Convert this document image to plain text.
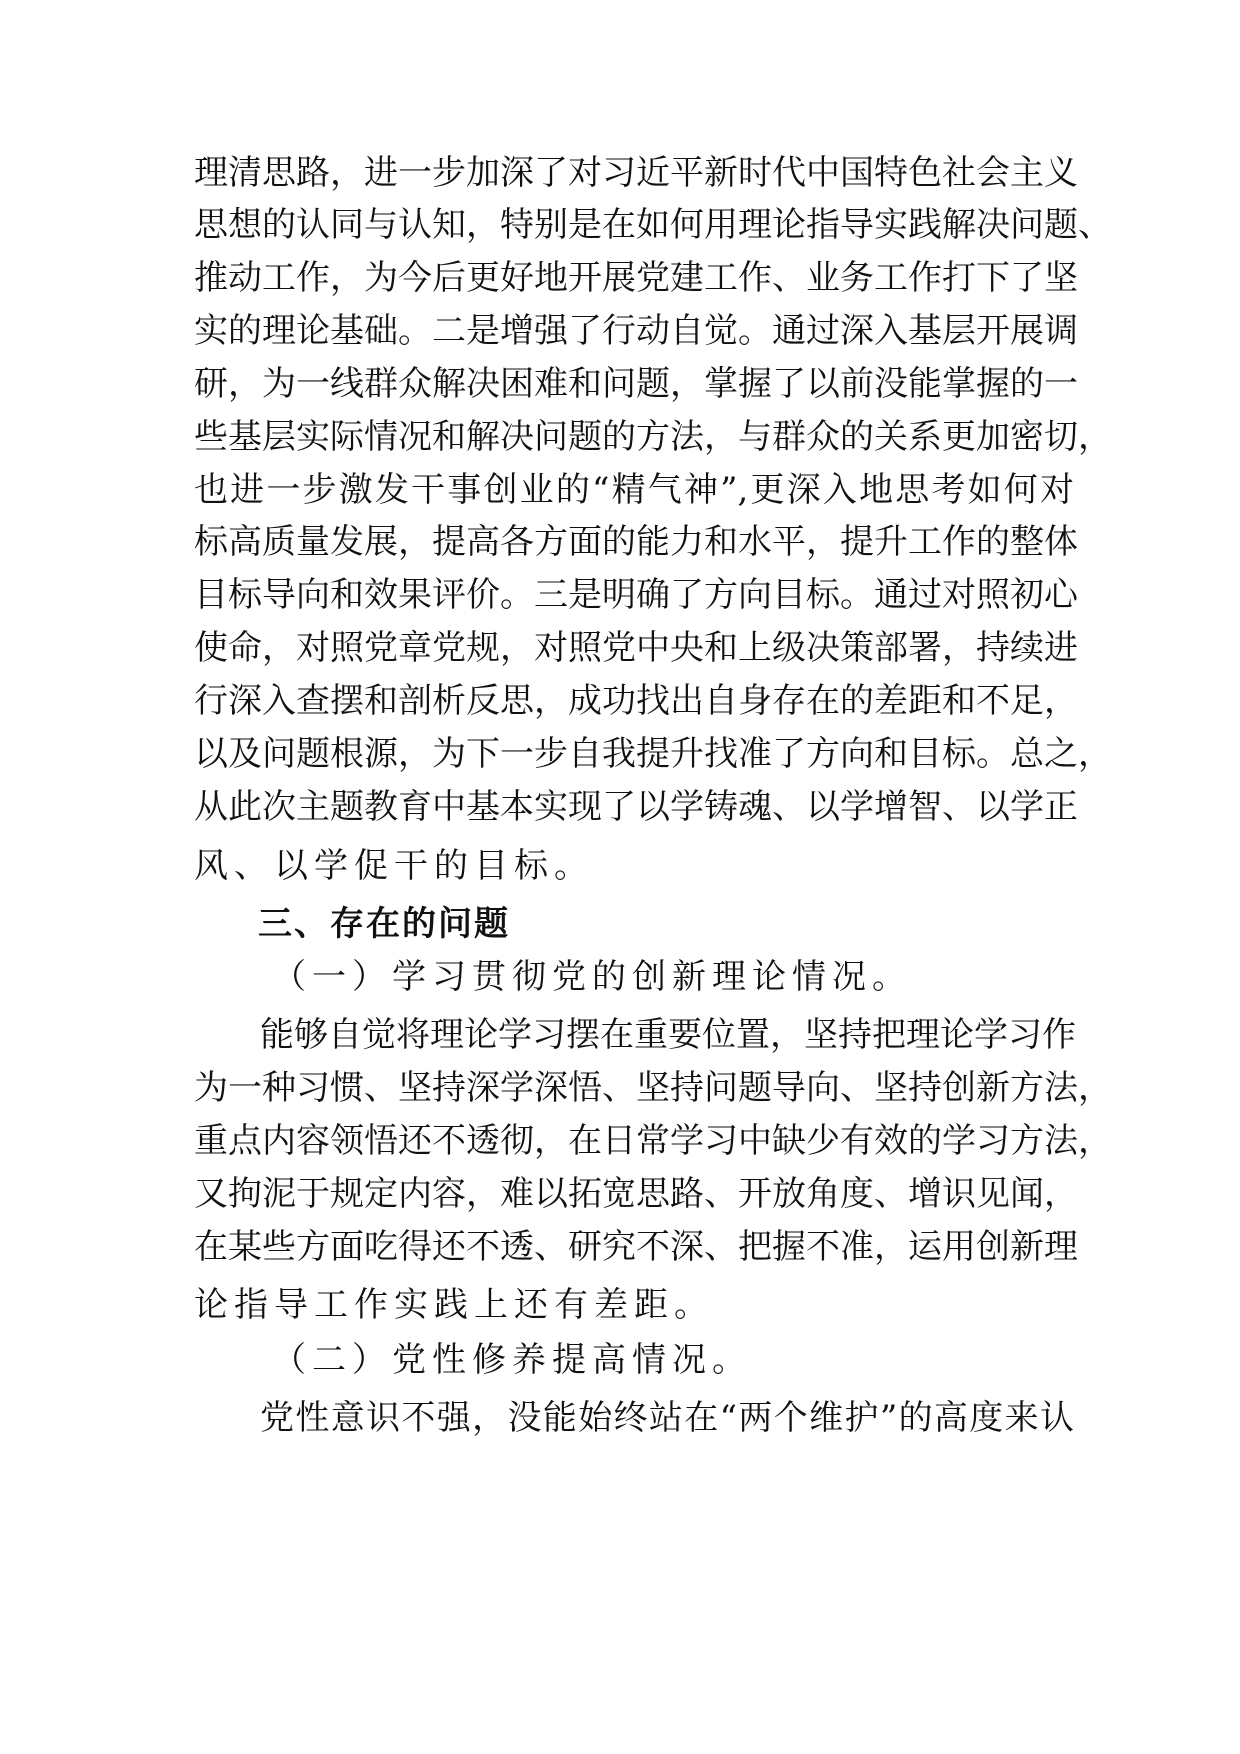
理清思路，进一步加深了对习近平新时代中国特色社会主义
思想的认同与认知，特别是在如何用理论指导实践解决问题、
推动工作，为今后更好地开展党建工作、业务工作打下了坚
实的理论基础。二是增强了行动自觉。通过深入基层开展调
研，为一线群众解决困难和问题，掌握了以前没能掌握的一
些基层实际情况和解决问题的方法，与群众的关系更加密切，
也进一步激发干事创业的“精气神”,更深入地思考如何对
标高质量发展，提高各方面的能力和水平，提升工作的整体
目标导向和效果评价。三是明确了方向目标。通过对照初心
使命，对照党章党规，对照党中央和上级决策部署，持续进
行深入查摆和剖析反思，成功找出自身存在的差距和不足，
以及问题根源，为下一步自我提升找准了方向和目标。总之，
从此次主题教育中基本实现了以学铸魂、以学增智、以学正
风、以学促干的目标。
三、存在的问题
（一）学习贯彻党的创新理论情况。
能够自觉将理论学习摆在重要位置，坚持把理论学习作
为一种习惯、坚持深学深悟、坚持问题导向、坚持创新方法，
重点内容领悟还不透彻，在日常学习中缺少有效的学习方法，
又拘泥于规定内容，难以拓宽思路、开放角度、增识见闻，
在某些方面吃得还不透、研究不深、把握不准，运用创新理
论指导工作实践上还有差距。
（二）党性修养提高情况。
党性意识不强，没能始终站在“两个维护”的高度来认
